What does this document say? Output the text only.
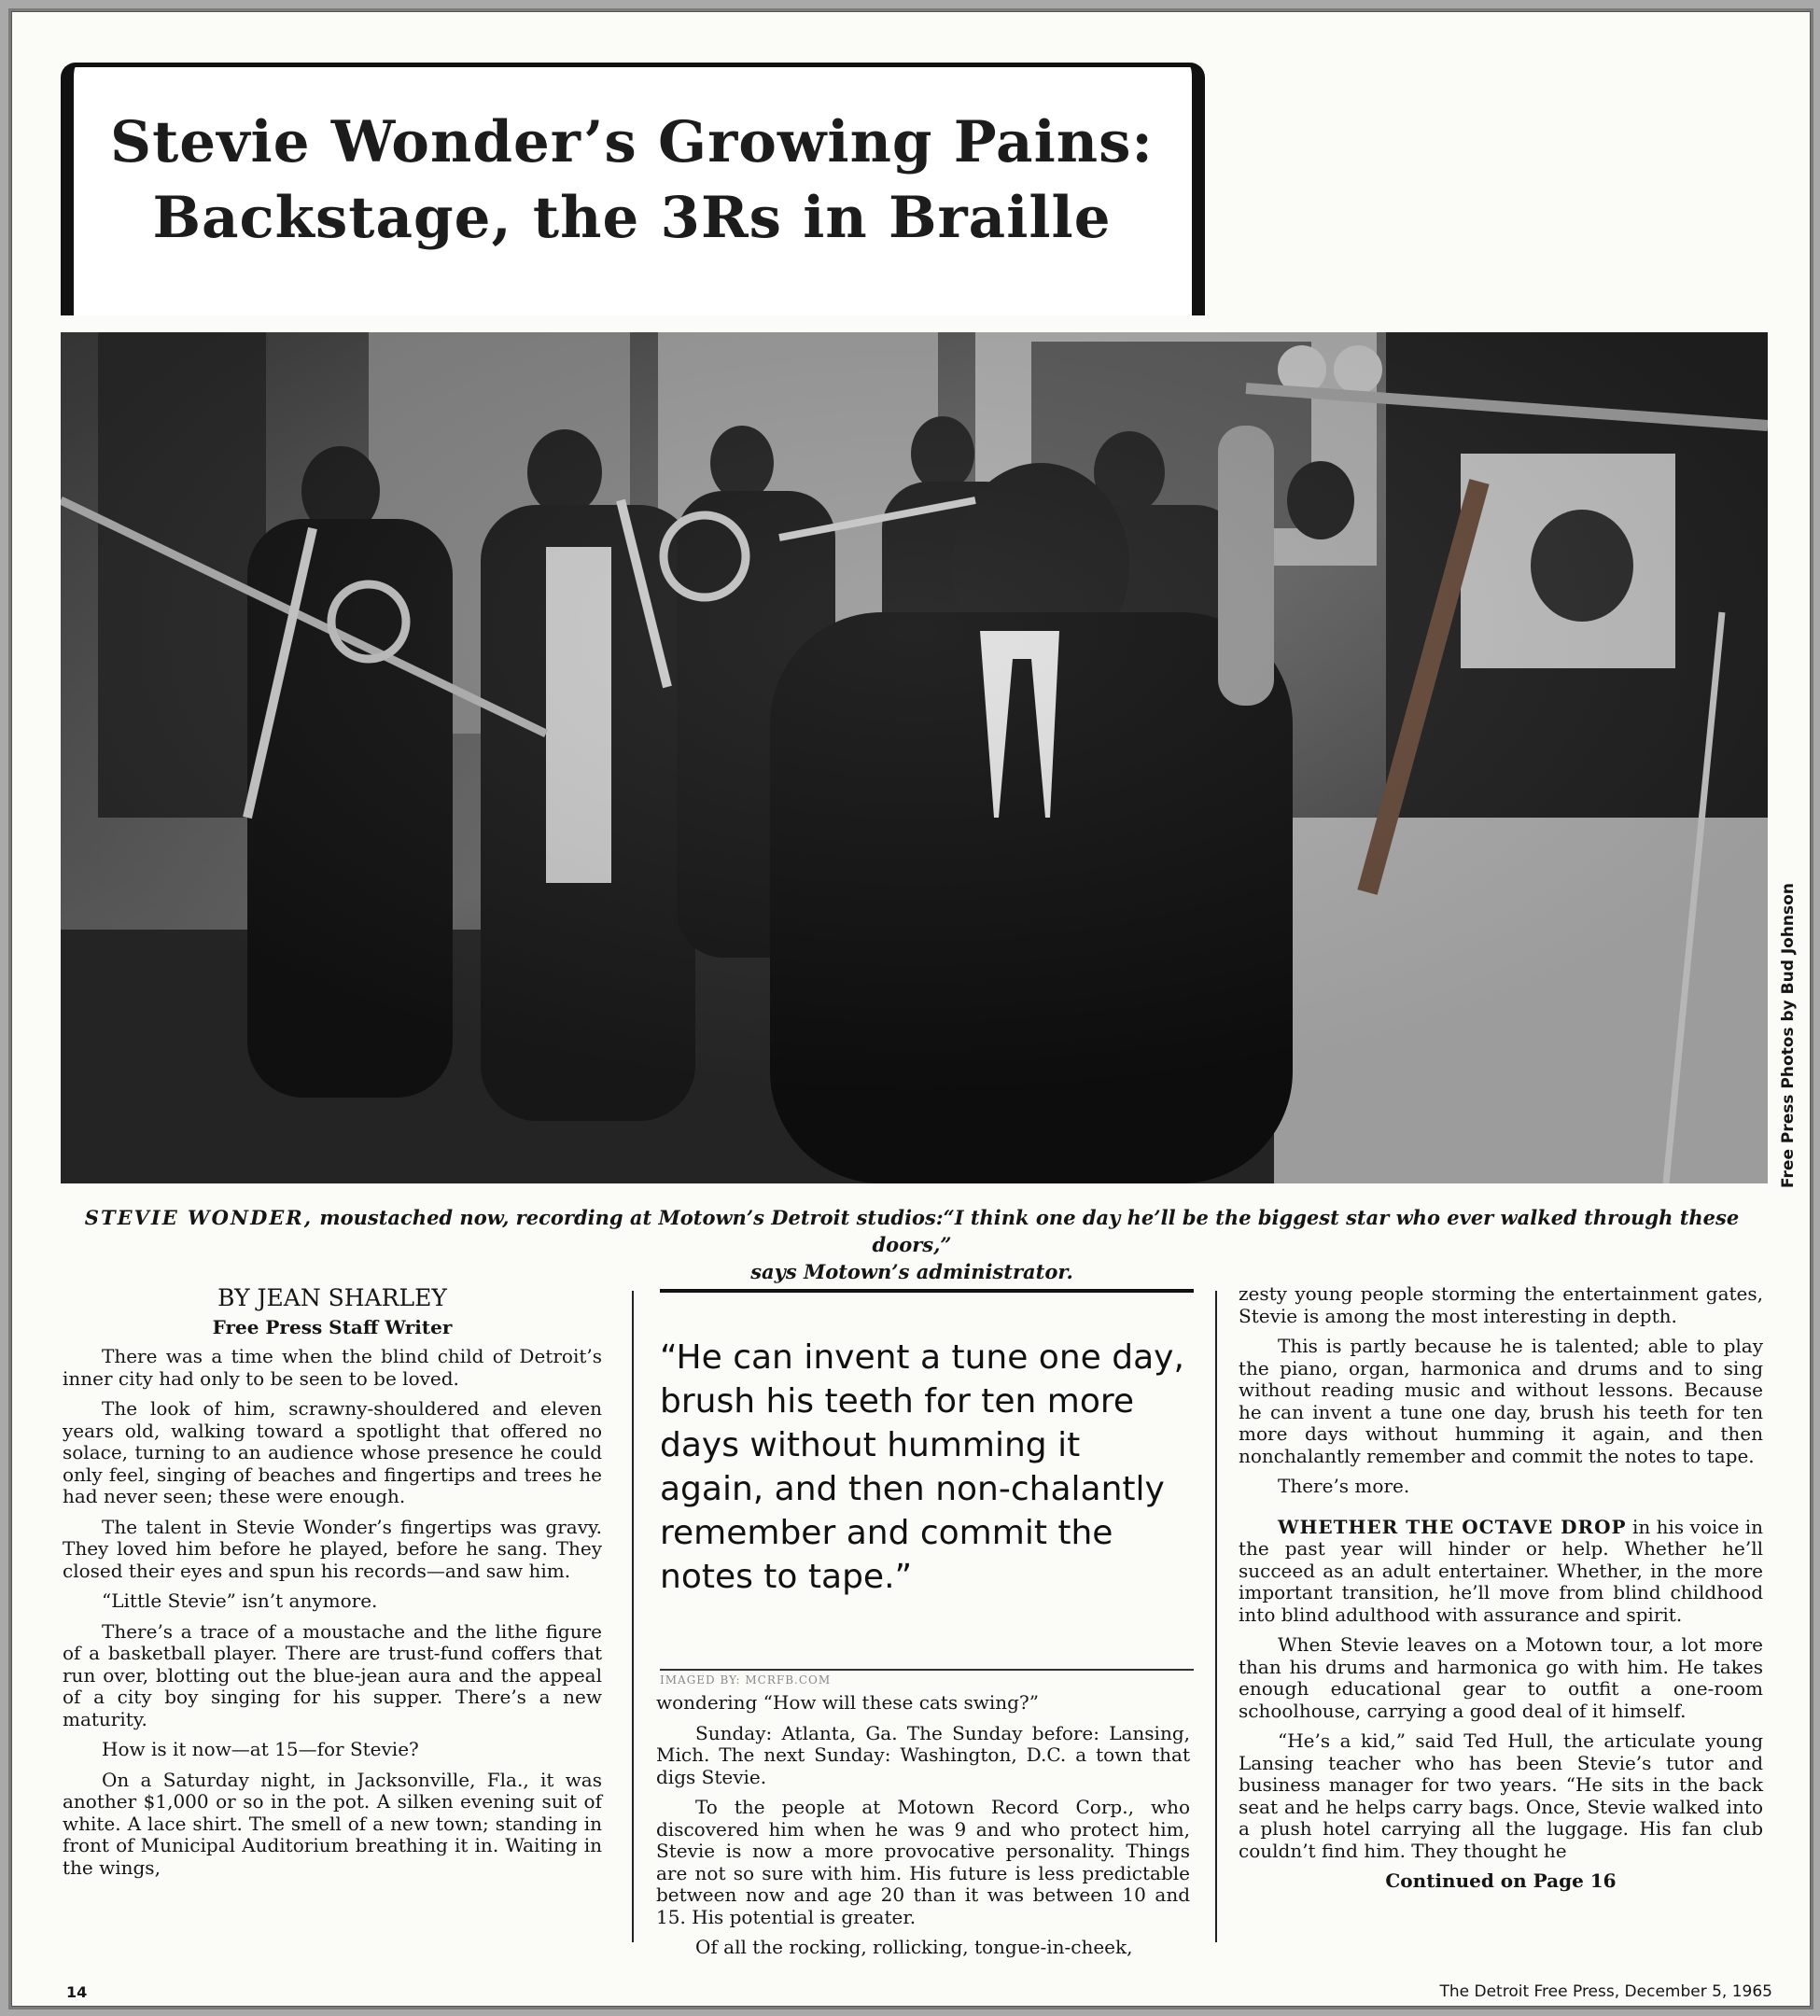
Stevie Wonder’s Growing Pains:
Backstage, the 3Rs in Braille
Free Press Photos by Bud Johnson
STEVIE WONDER, moustached now, recording at Motown’s Detroit studios:“I think one day he’ll be the biggest star who ever walked through these doors,”
says Motown’s administrator.
BY JEAN SHARLEY
Free Press Staff Writer

There was a time when the blind child of Detroit’s inner city had only to be seen to be loved.

The look of him, scrawny-shouldered and eleven years old, walking toward a spotlight that offered no solace, turning to an audience whose presence he could only feel, singing of beaches and fingertips and trees he had never seen; these were enough.

The talent in Stevie Wonder’s fingertips was gravy. They loved him before he played, before he sang. They closed their eyes and spun his records—and saw him.

“Little Stevie” isn’t anymore.

There’s a trace of a moustache and the lithe figure of a basketball player. There are trust-fund coffers that run over, blotting out the blue-jean aura and the appeal of a city boy singing for his supper. There’s a new maturity.

How is it now—at 15—for Stevie?

On a Saturday night, in Jacksonville, Fla., it was another $1,000 or so in the pot. A silken evening suit of white. A lace shirt. The smell of a new town; standing in front of Municipal Auditorium breathing it in. Waiting in the wings,

“He can invent a tune one day, brush his teeth for ten more days without humming it again, and then non-chalantly remember and commit the notes to tape.”
IMAGED BY: MCRFB.COM

wondering “How will these cats swing?”

Sunday: Atlanta, Ga. The Sunday before: Lansing, Mich. The next Sunday: Washington, D.C. a town that digs Stevie.

To the people at Motown Record Corp., who discovered him when he was 9 and who protect him, Stevie is now a more provocative personality. Things are not so sure with him. His future is less predictable between now and age 20 than it was between 10 and 15. His potential is greater.

Of all the rocking, rollicking, tongue-in-cheek,

zesty young people storming the entertainment gates, Stevie is among the most interesting in depth.

This is partly because he is talented; able to play the piano, organ, harmonica and drums and to sing without reading music and without lessons. Because he can invent a tune one day, brush his teeth for ten more days without humming it again, and then nonchalantly remember and commit the notes to tape.

There’s more.

WHETHER THE OCTAVE DROP in his voice in the past year will hinder or help. Whether he’ll succeed as an adult entertainer. Whether, in the more important transition, he’ll move from blind childhood into blind adulthood with assurance and spirit.

When Stevie leaves on a Motown tour, a lot more than his drums and harmonica go with him. He takes enough educational gear to outfit a one-room schoolhouse, carrying a good deal of it himself.

“He’s a kid,” said Ted Hull, the articulate young Lansing teacher who has been Stevie’s tutor and business manager for two years. “He sits in the back seat and he helps carry bags. Once, Stevie walked into a plush hotel carrying all the luggage. His fan club couldn’t find him. They thought he

Continued on Page 16

14	The Detroit Free Press, December 5, 1965
